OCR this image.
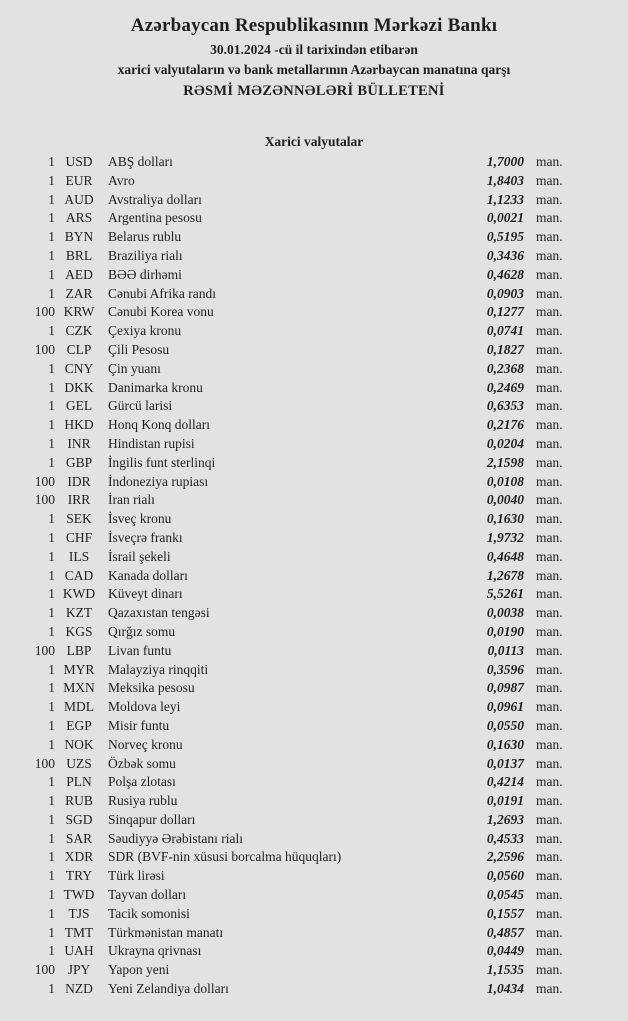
Azərbaycan Respublikasının Mərkəzi Bankı
30.01.2024 -cü il tarixindən etibarən
xarici valyutaların və bank metallarının Azərbaycan manatına qarşı
RƏSMİ MƏZƏNNƏLƏRİ BÜLLETENİ
Xarici valyutalar
1 USD	ABŞ dolları	1,7000 man.
1 EUR	Avro	1,8403 man.
1 AUD	Avstraliya dolları	1,1233 man.
1 ARS	Argentina pesosu	0,0021 man.
1 BYN	Belarus rublu	0,5195 man.
1 BRL	Braziliya rialı	0,3436 man.
1 AED	BƏƏ dirhəmi	0,4628 man.
1 ZAR	Cənubi Afrika randı	0,0903 man.
100 KRW	Cənubi Korea vonu	0,1277 man.
1 CZK	Çexiya kronu	0,0741 man.
100 CLP	Çili Pesosu	0,1827 man.
1 CNY	Çin yuanı	0,2368 man.
1 DKK	Danimarka kronu	0,2469 man.
1 GEL	Gürcü larisi	0,6353 man.
1 HKD	Honq Konq dolları	0,2176 man.
1 INR	Hindistan rupisi	0,0204 man.
1 GBP	İngilis funt sterlinqi	2,1598 man.
100 IDR	İndoneziya rupiası	0,0108 man.
100 IRR	İran rialı	0,0040 man.
1 SEK	İsveç kronu	0,1630 man.
1 CHF	İsveçrə frankı	1,9732 man.
1	ILS	İsrail şekeli	0,4648 man.
1 CAD	Kanada dolları	1,2678 man.
1 KWD Küveyt dinarı	5,5261 man.
1 KZT	Qazaxıstan tengəsi	0,0038 man.
1 KGS	Qırğız somu	0,0190 man.
100 LBP	Livan funtu	0,0113 man.
1 MYR	Malayziya rinqqiti	0,3596 man.
1 MXN Meksika pesosu	0,0987 man.
1 MDL	Moldova leyi	0,0961 man.
1 EGP	Misir funtu	0,0550 man.
1 NOK	Norveç kronu	0,1630 man.
100 UZS	Özbək somu	0,0137 man.
1 PLN	Polşa zlotası	0,4214 man.
1 RUB	Rusiya rublu	0,0191 man.
1 SGD	Sinqapur dolları	1,2693 man.
1 SAR	Səudiyyə Ərəbistanı rialı	0,4533 man.
1 XDR	SDR (BVF-nin xüsusi borcalma hüquqları)	2,2596 man.
1 TRY	Türk lirəsi	0,0560 man.
1 TWD	Tayvan dolları	0,0545 man.
1 TJS	Tacik somonisi	0,1557 man.
1 TMT	Türkmənistan manatı	0,4857 man.
1 UAH	Ukrayna qrivnası	0,0449 man.
100 JPY	Yapon yeni	1,1535 man.
1 NZD	Yeni Zelandiya dolları	1,0434 man.
